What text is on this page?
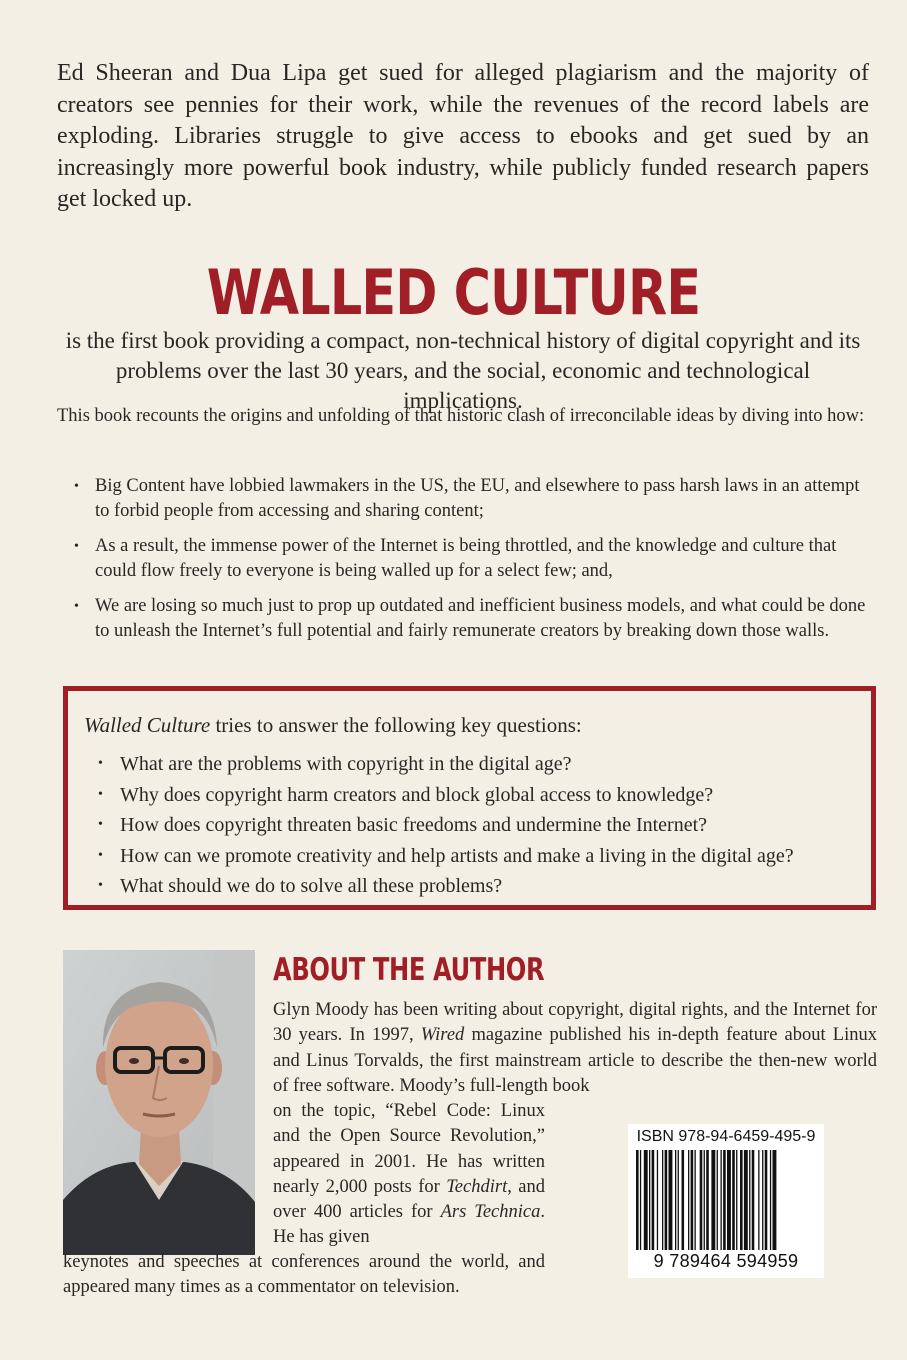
Ed Sheeran and Dua Lipa get sued for alleged plagiarism and the majority of creators see pennies for their work, while the revenues of the record labels are exploding. Libraries struggle to give access to ebooks and get sued by an increasingly more powerful book industry, while publicly funded research papers get locked up.

WALLED CULTURE

is the first book providing a compact, non-technical history of digital copyright and its problems over the last 30 years, and the social, economic and technological implications.

This book recounts the origins and unfolding of that historic clash of irreconcilable ideas by diving into how:

• Big Content have lobbied lawmakers in the US, the EU, and elsewhere to pass harsh laws in an attempt to forbid people from accessing and sharing content;
• As a result, the immense power of the Internet is being throttled, and the knowledge and culture that could flow freely to everyone is being walled up for a select few; and,
• We are losing so much just to prop up outdated and inefficient business models, and what could be done to unleash the Internet’s full potential and fairly remunerate creators by breaking down those walls.

Walled Culture tries to answer the following key questions:

• What are the problems with copyright in the digital age?
• Why does copyright harm creators and block global access to knowledge?
• How does copyright threaten basic freedoms and undermine the Internet?
• How can we promote creativity and help artists and make a living in the digital age?
• What should we do to solve all these problems?
ABOUT THE AUTHOR

Glyn Moody has been writing about copyright, digital rights, and the Internet for 30 years. In 1997, Wired magazine published his in-depth feature about Linux and Linus Torvalds, the first mainstream article to describe the then-new world of free software. Moody’s full-length book

on the topic, “Rebel Code: Linux and the Open Source Revolution,” appeared in 2001. He has written nearly 2,000 posts for Techdirt, and over 400 articles for Ars Technica. He has given

keynotes and speeches at conferences around the world, and appeared many times as a commentator on television.

ISBN 978-94-6459-495-9

9 789464 594959
